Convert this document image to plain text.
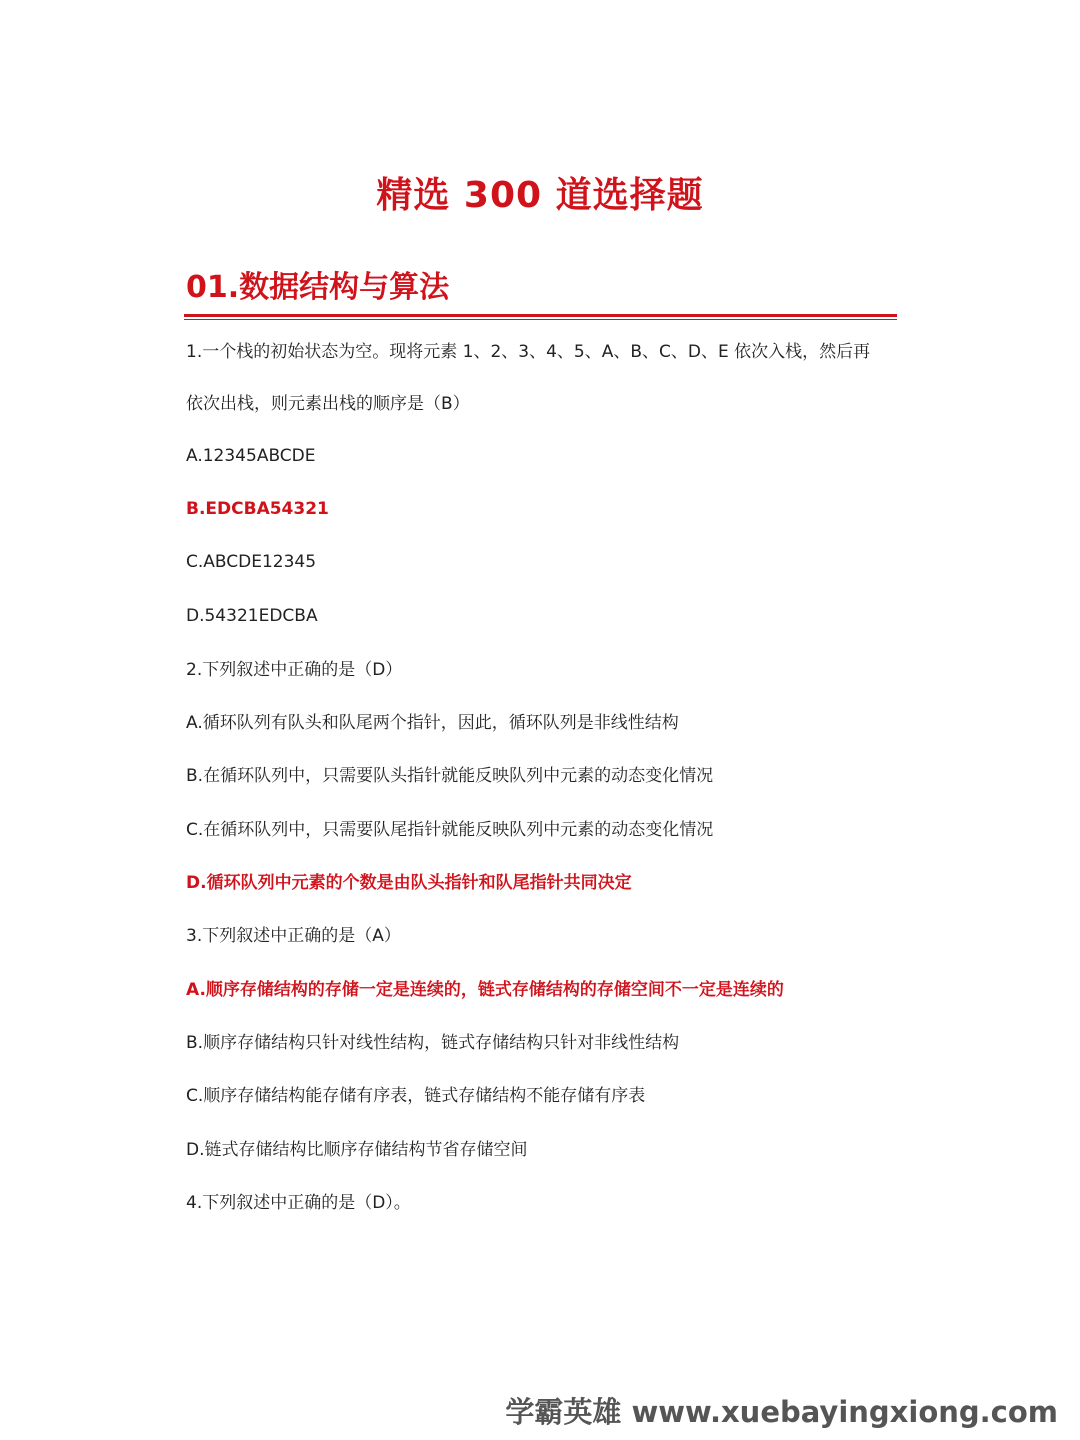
精选 300 道选择题
01.数据结构与算法
1.一个栈的初始状态为空。现将元素 1、2、3、4、5、A、B、C、D、E 依次入栈，然后再
依次出栈，则元素出栈的顺序是（B）
A.12345ABCDE
B.EDCBA54321
C.ABCDE12345
D.54321EDCBA
2.下列叙述中正确的是（D）
A.循环队列有队头和队尾两个指针，因此，循环队列是非线性结构
B.在循环队列中，只需要队头指针就能反映队列中元素的动态变化情况
C.在循环队列中，只需要队尾指针就能反映队列中元素的动态变化情况
D.循环队列中元素的个数是由队头指针和队尾指针共同决定
3.下列叙述中正确的是（A）
A.顺序存储结构的存储一定是连续的，链式存储结构的存储空间不一定是连续的
B.顺序存储结构只针对线性结构，链式存储结构只针对非线性结构
C.顺序存储结构能存储有序表，链式存储结构不能存储有序表
D.链式存储结构比顺序存储结构节省存储空间
4.下列叙述中正确的是（D）。
学霸英雄 www.xuebayingxiong.com
